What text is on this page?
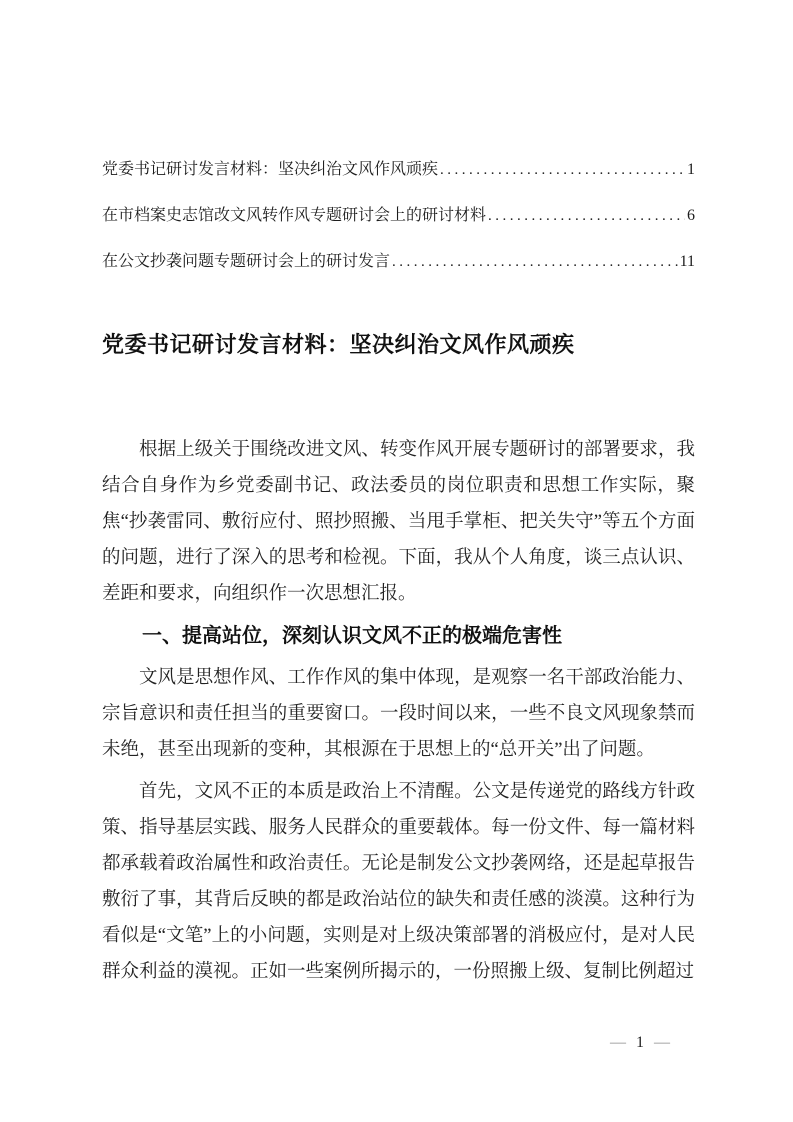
党委书记研讨发言材料：坚决纠治文风作风顽疾 .....	1
在市档案史志馆改文风转作风专题研讨会上的研讨材料 .....	6
在公文抄袭问题专题研讨会上的研讨发言 .....	11
党委书记研讨发言材料：坚决纠治文风作风顽疾

根据上级关于围绕改进文风、转变作风开展专题研讨的部署要求，我结合自身作为乡党委副书记、政法委员的岗位职责和思想工作实际，聚焦“抄袭雷同、敷衍应付、照抄照搬、当甩手掌柜、把关失守”等五个方面的问题，进行了深入的思考和检视。下面，我从个人角度，谈三点认识、差距和要求，向组织作一次思想汇报。

一、提高站位，深刻认识文风不正的极端危害性

文风是思想作风、工作作风的集中体现，是观察一名干部政治能力、宗旨意识和责任担当的重要窗口。一段时间以来，一些不良文风现象禁而未绝，甚至出现新的变种，其根源在于思想上的“总开关”出了问题。

首先，文风不正的本质是政治上不清醒。公文是传递党的路线方针政策、指导基层实践、服务人民群众的重要载体。每一份文件、每一篇材料都承载着政治属性和政治责任。无论是制发公文抄袭网络，还是起草报告敷衍了事，其背后反映的都是政治站位的缺失和责任感的淡漠。这种行为看似是“文笔”上的小问题，实则是对上级决策部署的消极应付，是对人民群众利益的漠视。正如一些案例所揭示的，一份照搬上级、复制比例超过

— 1 —
